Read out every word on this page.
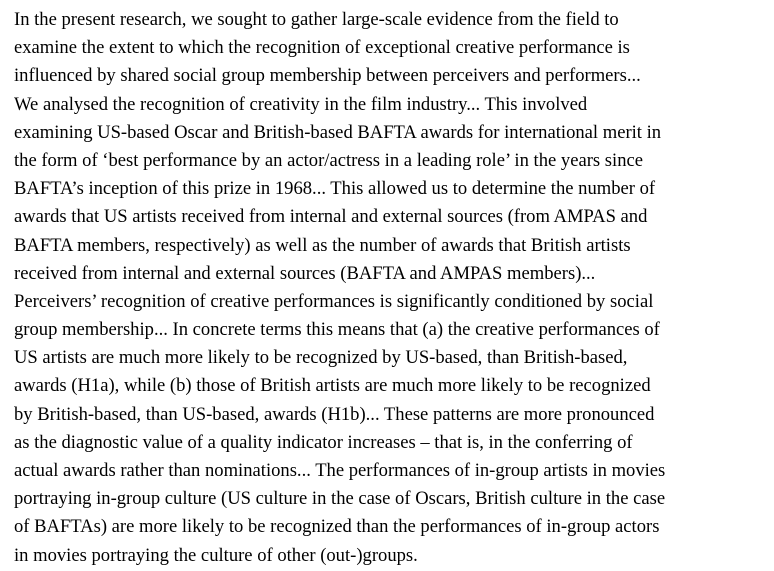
In the present research, we sought to gather large-scale evidence from the field to
examine the extent to which the recognition of exceptional creative performance is
influenced by shared social group membership between perceivers and performers...
We analysed the recognition of creativity in the film industry... This involved
examining US-based Oscar and British-based BAFTA awards for international merit in
the form of ‘best performance by an actor/actress in a leading role’ in the years since
BAFTA’s inception of this prize in 1968... This allowed us to determine the number of
awards that US artists received from internal and external sources (from AMPAS and
BAFTA members, respectively) as well as the number of awards that British artists
received from internal and external sources (BAFTA and AMPAS members)...
Perceivers’ recognition of creative performances is significantly conditioned by social
group membership... In concrete terms this means that (a) the creative performances of
US artists are much more likely to be recognized by US-based, than British-based,
awards (H1a), while (b) those of British artists are much more likely to be recognized
by British-based, than US-based, awards (H1b)... These patterns are more pronounced
as the diagnostic value of a quality indicator increases – that is, in the conferring of
actual awards rather than nominations... The performances of in-group artists in movies
portraying in-group culture (US culture in the case of Oscars, British culture in the case
of BAFTAs) are more likely to be recognized than the performances of in-group actors
in movies portraying the culture of other (out-)groups.
